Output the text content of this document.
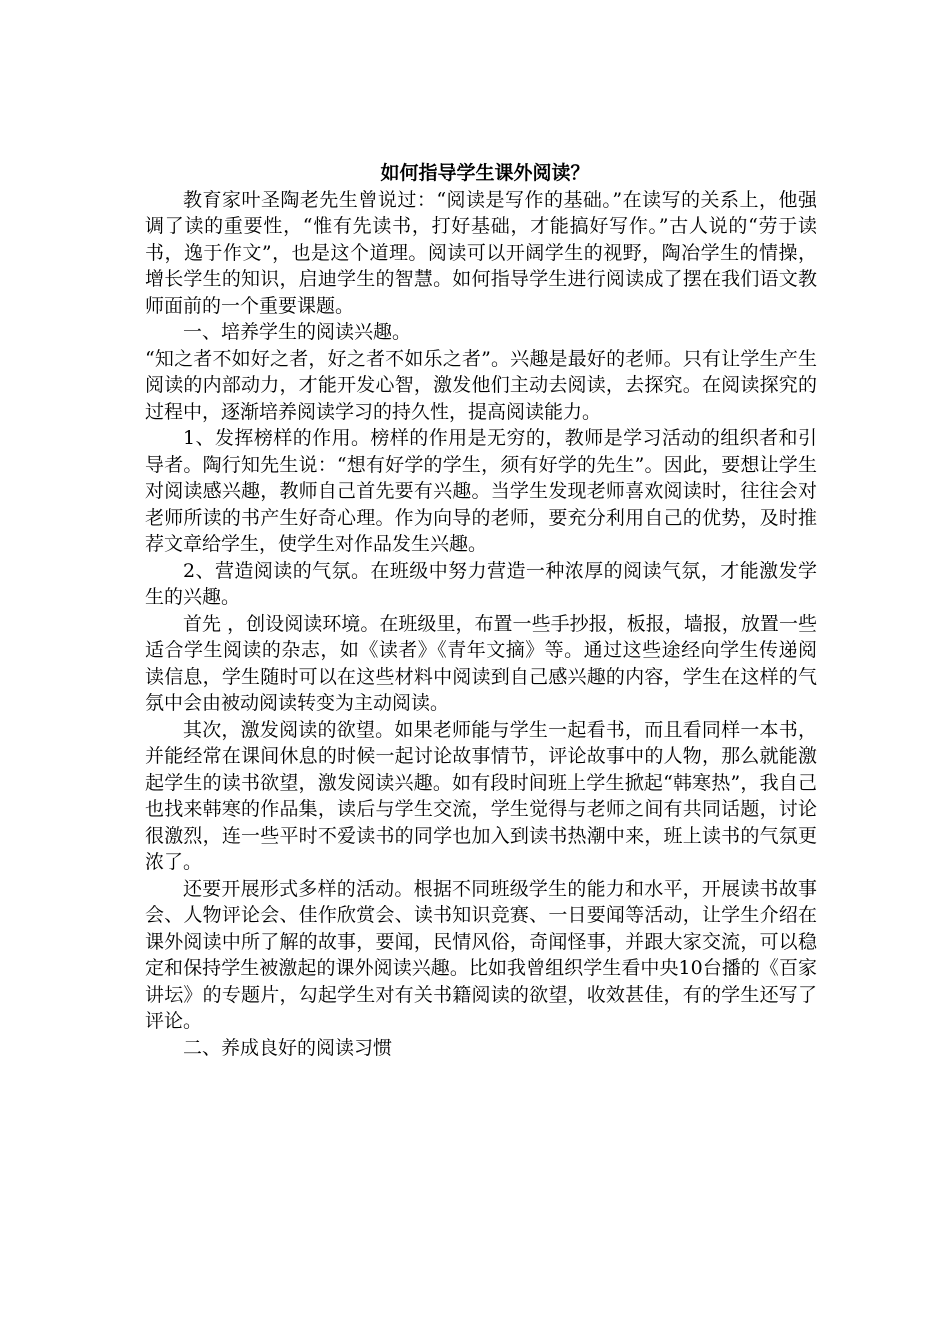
如何指导学生课外阅读？

教育家叶圣陶老先生曾说过：“阅读是写作的基础。”在读写的关系上，他强调了读的重要性，“惟有先读书，打好基础，才能搞好写作。”古人说的“劳于读书，逸于作文”，也是这个道理。阅读可以开阔学生的视野，陶冶学生的情操，增长学生的知识，启迪学生的智慧。如何指导学生进行阅读成了摆在我们语文教师面前的一个重要课题。

一、培养学生的阅读兴趣。

“知之者不如好之者，好之者不如乐之者”。兴趣是最好的老师。只有让学生产生阅读的内部动力，才能开发心智，激发他们主动去阅读，去探究。在阅读探究的过程中，逐渐培养阅读学习的持久性，提高阅读能力。

1、发挥榜样的作用。榜样的作用是无穷的，教师是学习活动的组织者和引导者。陶行知先生说：“想有好学的学生，须有好学的先生”。因此，要想让学生对阅读感兴趣，教师自己首先要有兴趣。当学生发现老师喜欢阅读时，往往会对老师所读的书产生好奇心理。作为向导的老师，要充分利用自己的优势，及时推荐文章给学生，使学生对作品发生兴趣。

2、营造阅读的气氛。在班级中努力营造一种浓厚的阅读气氛，才能激发学生的兴趣。

首先 ，创设阅读环境。在班级里，布置一些手抄报，板报，墙报，放置一些适合学生阅读的杂志，如《读者》《青年文摘》等。通过这些途经向学生传递阅读信息，学生随时可以在这些材料中阅读到自己感兴趣的内容，学生在这样的气氛中会由被动阅读转变为主动阅读。

其次，激发阅读的欲望。如果老师能与学生一起看书，而且看同样一本书，并能经常在课间休息的时候一起讨论故事情节，评论故事中的人物，那么就能激起学生的读书欲望，激发阅读兴趣。如有段时间班上学生掀起“韩寒热”，我自己也找来韩寒的作品集，读后与学生交流，学生觉得与老师之间有共同话题，讨论很激烈，连一些平时不爱读书的同学也加入到读书热潮中来，班上读书的气氛更浓了。

还要开展形式多样的活动。根据不同班级学生的能力和水平，开展读书故事会、人物评论会、佳作欣赏会、读书知识竞赛、一日要闻等活动，让学生介绍在课外阅读中所了解的故事，要闻，民情风俗，奇闻怪事，并跟大家交流，可以稳定和保持学生被激起的课外阅读兴趣。比如我曾组织学生看中央10台播的《百家讲坛》的专题片，勾起学生对有关书籍阅读的欲望，收效甚佳，有的学生还写了评论。

二、养成良好的阅读习惯
